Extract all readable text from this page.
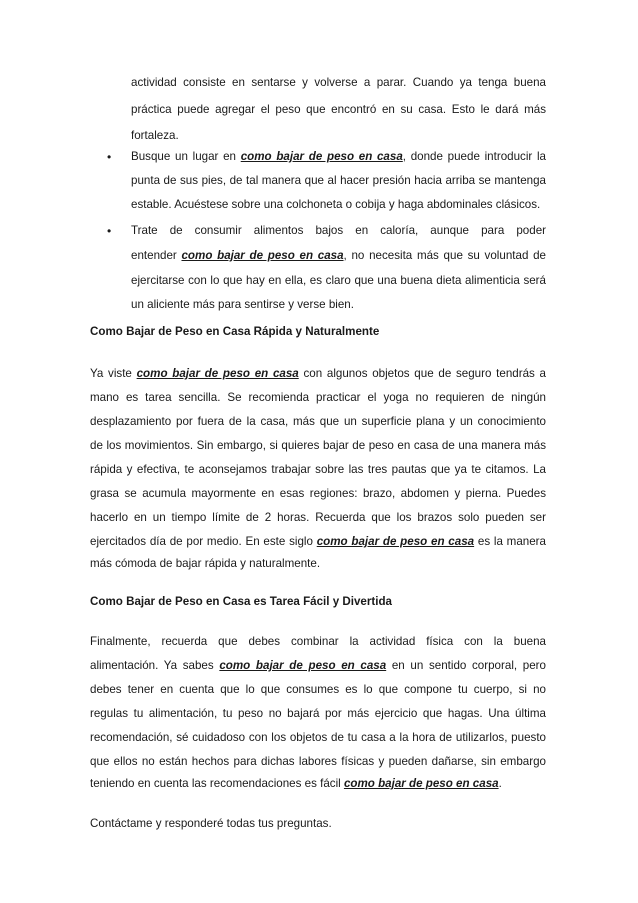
actividad consiste en sentarse y volverse a parar. Cuando ya tenga buena
práctica puede agregar el peso que encontró en su casa. Esto le dará más
fortaleza.
•	Busque un lugar en como bajar de peso en casa, donde puede introducir la
punta de sus pies, de tal manera que al hacer presión hacia arriba se mantenga
estable. Acuéstese sobre una colchoneta o cobija y haga abdominales clásicos.
•	Trate de consumir alimentos bajos en caloría, aunque para poder
entender como bajar de peso en casa, no necesita más que su voluntad de
ejercitarse con lo que hay en ella, es claro que una buena dieta alimenticia será
un aliciente más para sentirse y verse bien.
Como Bajar de Peso en Casa Rápida y Naturalmente
Ya viste como bajar de peso en casa con algunos objetos que de seguro tendrás a
mano es tarea sencilla. Se recomienda practicar el yoga no requieren de ningún
desplazamiento por fuera de la casa, más que un superficie plana y un conocimiento
de los movimientos. Sin embargo, si quieres bajar de peso en casa de una manera más
rápida y efectiva, te aconsejamos trabajar sobre las tres pautas que ya te citamos. La
grasa se acumula mayormente en esas regiones: brazo, abdomen y pierna. Puedes
hacerlo en un tiempo límite de 2 horas. Recuerda que los brazos solo pueden ser
ejercitados día de por medio. En este siglo como bajar de peso en casa es la manera
más cómoda de bajar rápida y naturalmente.
Como Bajar de Peso en Casa es Tarea Fácil y Divertida
Finalmente, recuerda que debes combinar la actividad física con la buena
alimentación. Ya sabes como bajar de peso en casa en un sentido corporal, pero
debes tener en cuenta que lo que consumes es lo que compone tu cuerpo, si no
regulas tu alimentación, tu peso no bajará por más ejercicio que hagas. Una última
recomendación, sé cuidadoso con los objetos de tu casa a la hora de utilizarlos, puesto
que ellos no están hechos para dichas labores físicas y pueden dañarse, sin embargo
teniendo en cuenta las recomendaciones es fácil como bajar de peso en casa.
Contáctame y responderé todas tus preguntas.
